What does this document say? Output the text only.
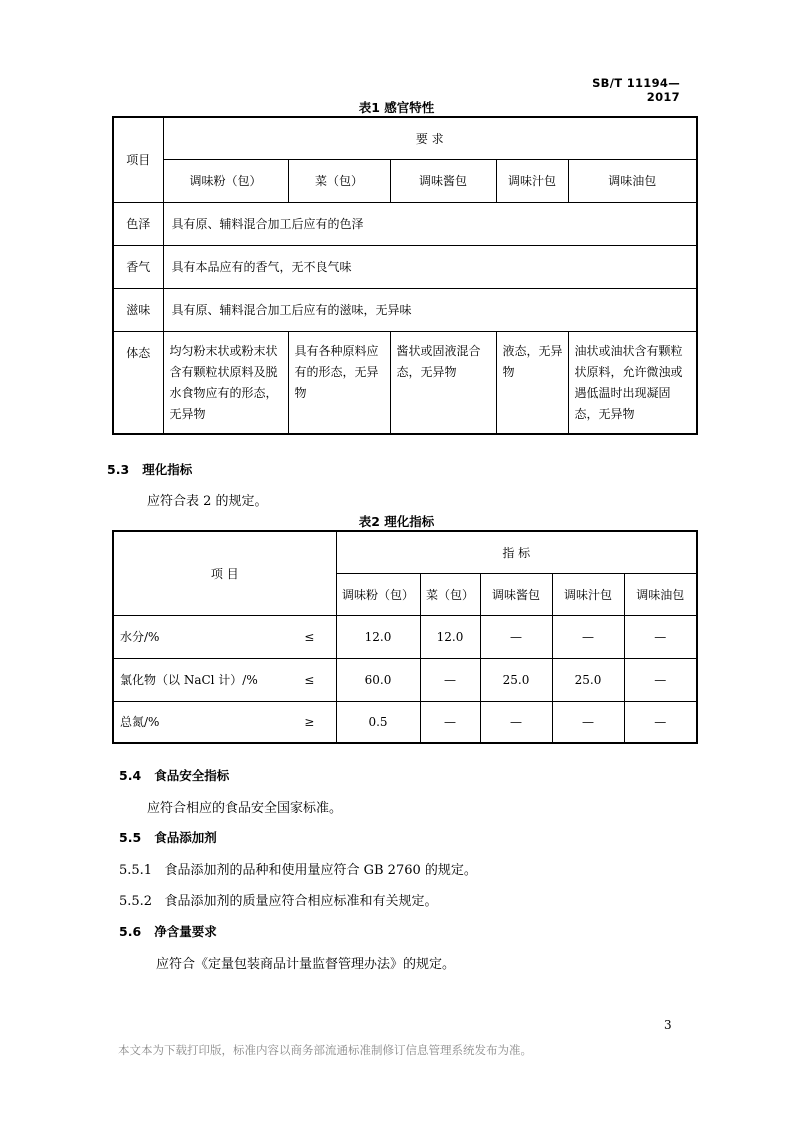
SB/T 11194—2017
表1 感官特性
项目	要 求				
	调味粉（包）	菜（包）	调味酱包	调味汁包	调味油包
色泽	具有原、辅料混合加工后应有的色泽				
香气	具有本品应有的香气，无不良气味				
滋味	具有原、辅料混合加工后应有的滋味，无异味				
体态	均匀粉末状或粉末状含有颗粒状原料及脱水食物应有的形态，无异物	具有各种原料应有的形态，无异物	酱状或固液混合态，无异物	液态，无异物	油状或油状含有颗粒状原料，允许微浊或遇低温时出现凝固态，无异物
5.3 理化指标
应符合表 2 的规定。
表2 理化指标
项 目		指 标				
		调味粉（包）	菜（包）	调味酱包	调味汁包	调味油包
水分/%	≤	12.0	12.0	—	—	—
氯化物（以 NaCl 计）/%	≤	60.0	—	25.0	25.0	—
总氮/%	≥	0.5	—	—	—	—
5.4 食品安全指标
应符合相应的食品安全国家标准。
5.5 食品添加剂
5.5.1 食品添加剂的品种和使用量应符合 GB 2760 的规定。
5.5.2 食品添加剂的质量应符合相应标准和有关规定。
5.6 净含量要求
应符合《定量包装商品计量监督管理办法》的规定。
3
本文本为下载打印版，标准内容以商务部流通标准制修订信息管理系统发布为准。
